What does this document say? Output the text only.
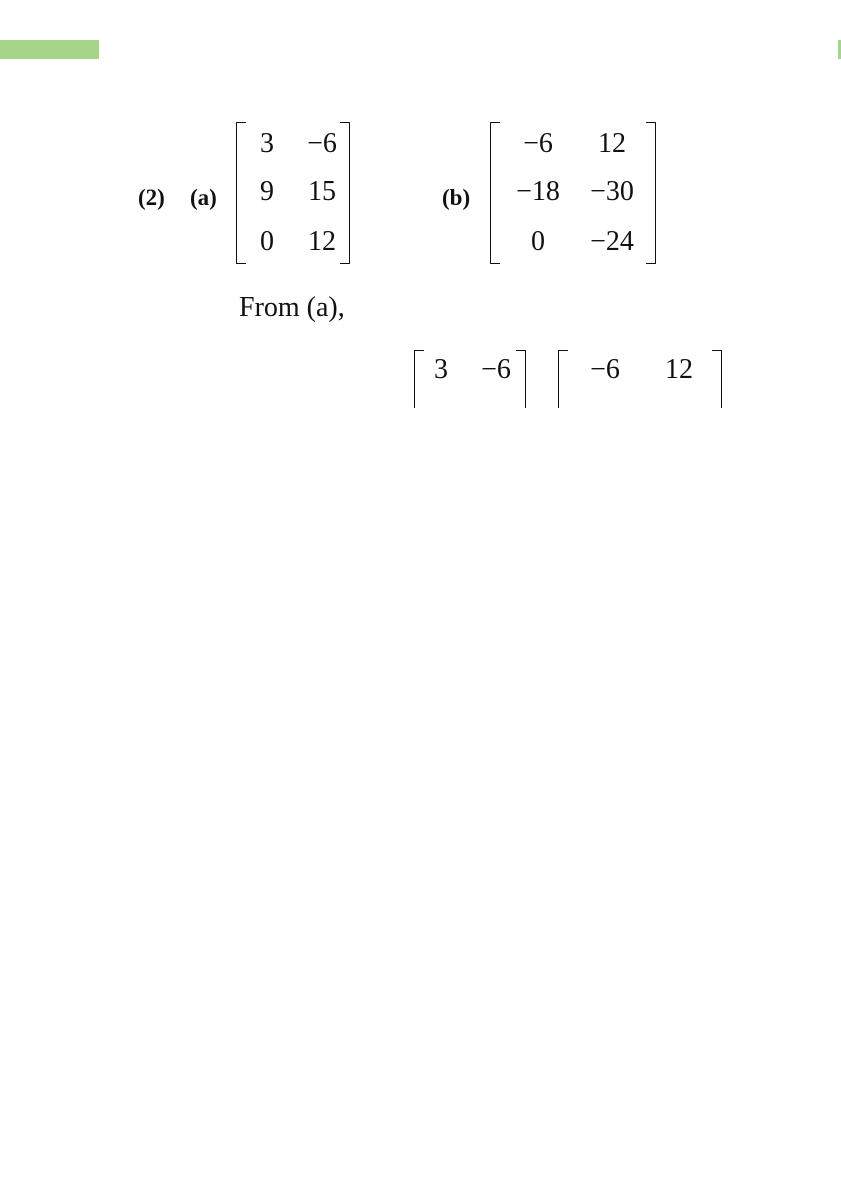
(2) (a)
3	−6
9	15
0	12
(b)
−6	12
−18	−30
0	−24
From (a),
3	−6	−6	12
